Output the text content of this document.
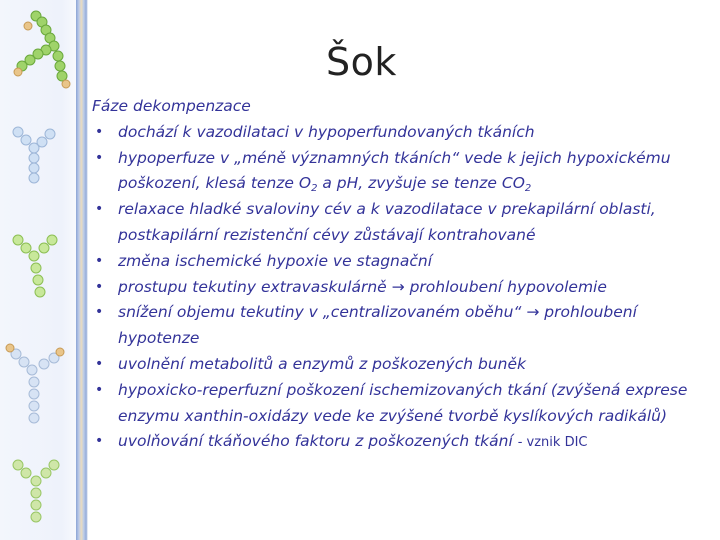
Šok
Fáze dekompenzace
• dochází k vazodilataci v hypoperfundovaných tkáních
• hypoperfuze v „méně významných tkáních“ vede k jejich hypoxickému poškození, klesá tenze $O_2$ a pH, zvyšuje se tenze $CO_2$
• relaxace hladké svaloviny cév a k vazodilatace v prekapilární oblasti, postkapilární rezistenční cévy zůstávají kontrahované
• změna ischemické hypoxie ve stagnační
• prostupu tekutiny extravaskulárně → prohloubení hypovolemie
• snížení objemu tekutiny v „centralizovaném oběhu“ → prohloubení hypotenze
• uvolnění metabolitů a enzymů z poškozených buněk
• hypoxicko-reperfuzní poškození ischemizovaných tkání (zvýšená exprese enzymu xanthin-oxidázy vede ke zvýšené tvorbě kyslíkových radikálů)
• uvolňování tkáňového faktoru z poškozených tkání - vznik DIC
